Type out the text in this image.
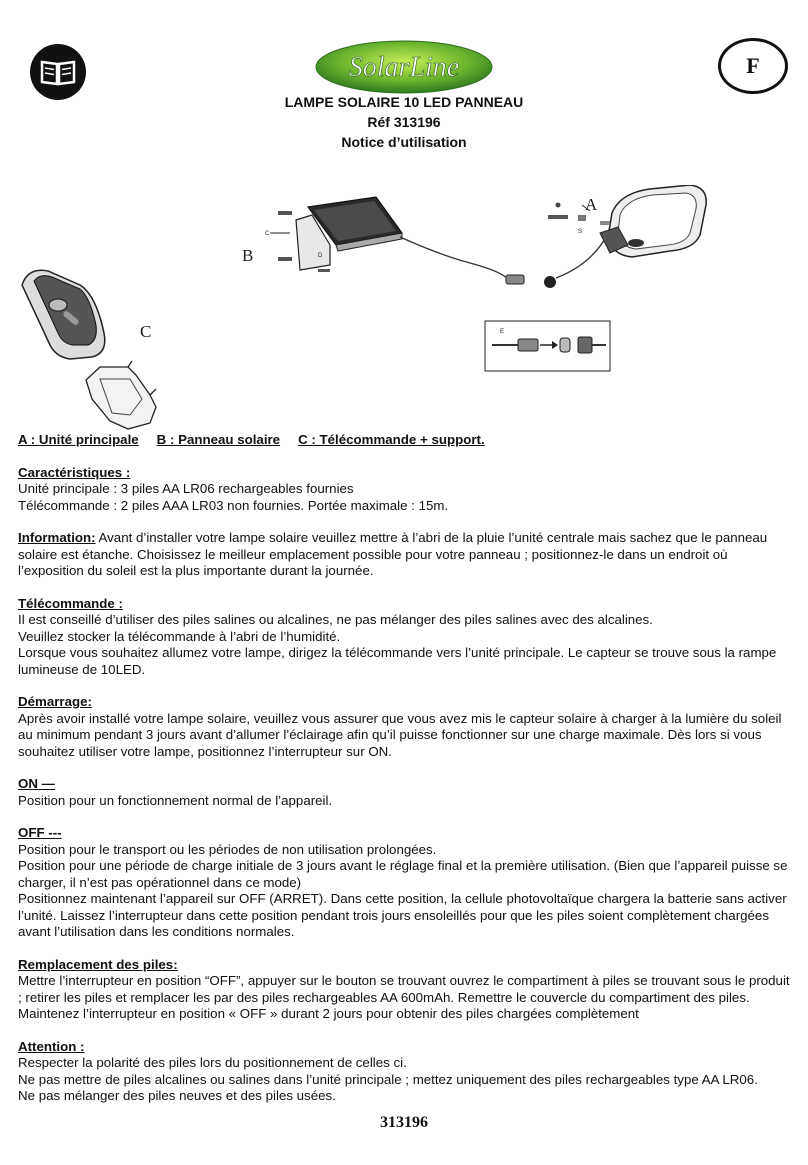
SolarLine	F
LAMPE SOLAIRE 10 LED PANNEAU
Réf 313196
Notice d’utilisation
A
B
C
C
D
E
S
A : Unité principale B : Panneau solaire C : Télécommande + support.
Caractéristiques :
Unité principale : 3 piles AA LR06 rechargeables fournies
Télécommande : 2 piles AAA LR03 non fournies. Portée maximale : 15m.
Information: Avant d’installer votre lampe solaire veuillez mettre à l’abri de la pluie l’unité centrale mais sachez que le panneau solaire est étanche. Choisissez le meilleur emplacement possible pour votre panneau ; positionnez-le dans un endroit où l’exposition du soleil est la plus importante durant la journée.
Télécommande :
Il est conseillé d’utiliser des piles salines ou alcalines, ne pas mélanger des piles salines avec des alcalines.
Veuillez stocker la télécommande à l’abri de l’humidité.
Lorsque vous souhaitez allumez votre lampe, dirigez la télécommande vers l’unité principale. Le capteur se trouve sous la rampe lumineuse de 10LED.
Démarrage:
Après avoir installé votre lampe solaire, veuillez vous assurer que vous avez mis le capteur solaire à charger à la lumière du soleil au minimum pendant 3 jours avant d’allumer l’éclairage afin qu’il puisse fonctionner sur une charge maximale. Dès lors si vous souhaitez utiliser votre lampe, positionnez l’interrupteur sur ON.
ON —
Position pour un fonctionnement normal de l’appareil.
OFF ---
Position pour le transport ou les périodes de non utilisation prolongées.
Position pour une période de charge initiale de 3 jours avant le réglage final et la première utilisation. (Bien que l’appareil puisse se charger, il n’est pas opérationnel dans ce mode)
Positionnez maintenant l’appareil sur OFF (ARRET). Dans cette position, la cellule photovoltaïque chargera la batterie sans activer l’unité. Laissez l’interrupteur dans cette position pendant trois jours ensoleillés pour que les piles soient complètement chargées avant l’utilisation dans les conditions normales.
Remplacement des piles:
Mettre l’interrupteur en position “OFF”, appuyer sur le bouton se trouvant ouvrez le compartiment à piles se trouvant sous le produit ; retirer les piles et remplacer les par des piles rechargeables AA 600mAh. Remettre le couvercle du compartiment des piles. Maintenez l’interrupteur en position « OFF » durant 2 jours pour obtenir des piles chargées complètement
Attention :
Respecter la polarité des piles lors du positionnement de celles ci.
Ne pas mettre de piles alcalines ou salines dans l’unité principale ; mettez uniquement des piles rechargeables type AA LR06.
Ne pas mélanger des piles neuves et des piles usées.
313196
